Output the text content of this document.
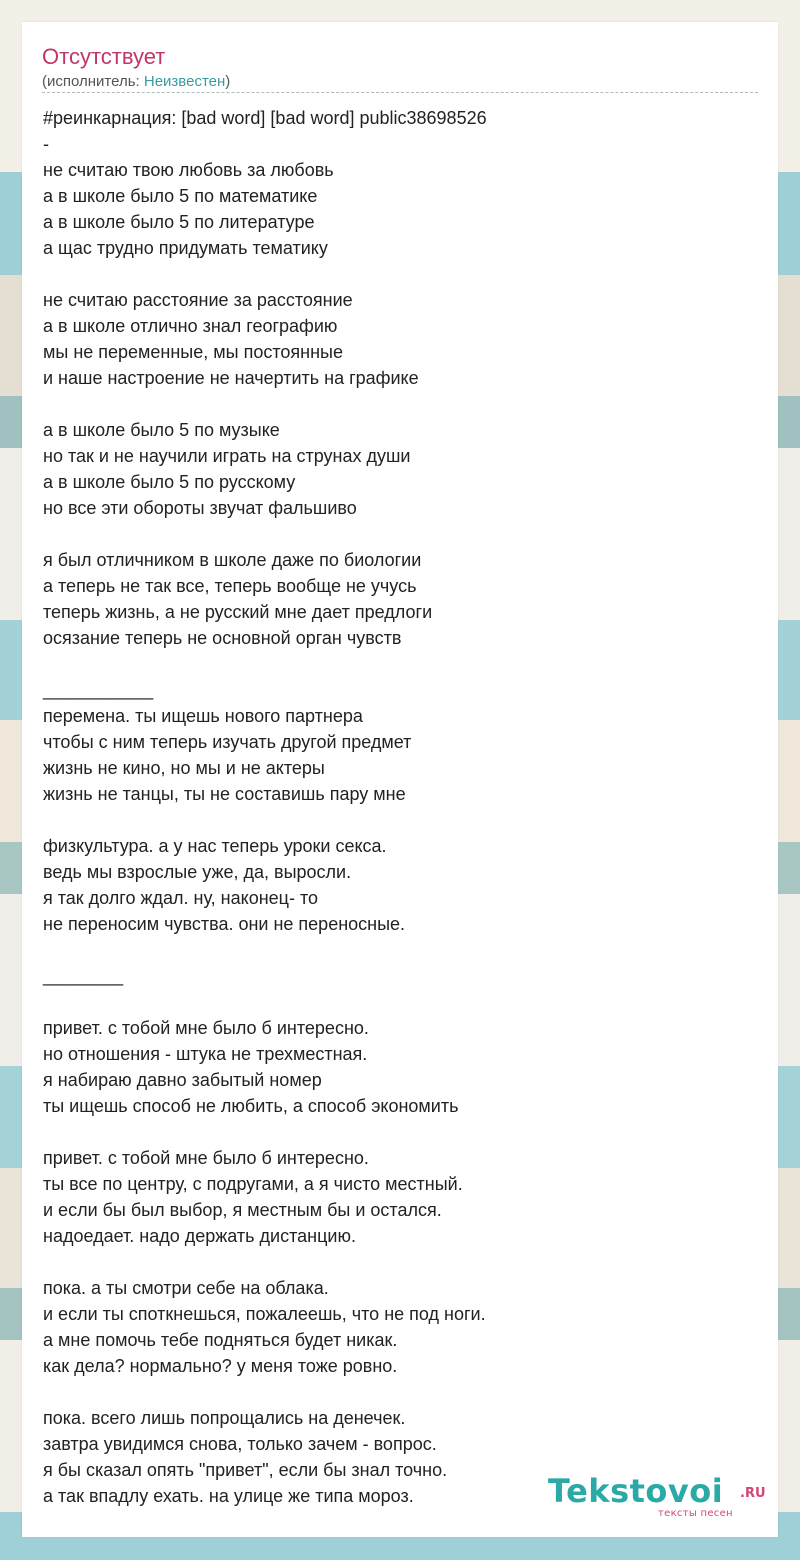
Отсутствует
(исполнитель: Неизвестен)
#реинкарнация: [bad word] [bad word] public38698526
-
не считаю твою любовь за любовь
а в школе было 5 по математике
а в школе было 5 по литературе
а щас трудно придумать тематику
не считаю расстояние за расстояние
а в школе отлично знал географию
мы не переменные, мы постоянные
и наше настроение не начертить на графике
а в школе было 5 по музыке
но так и не научили играть на струнах души
а в школе было 5 по русскому
но все эти обороты звучат фальшиво
я был отличником в школе даже по биологии
а теперь не так все, теперь вообще не учусь
теперь жизнь, а не русский мне дает предлоги
осязание теперь не основной орган чувств
___________
перемена. ты ищешь нового партнера
чтобы с ним теперь изучать другой предмет
жизнь не кино, но мы и не актеры
жизнь не танцы, ты не составишь пару мне
физкультура. а у нас теперь уроки секса.
ведь мы взрослые уже, да, выросли.
я так долго ждал. ну, наконец- то
не переносим чувства. они не переносные.
________
привет. с тобой мне было б интересно.
но отношения - штука не трехместная.
я набираю давно забытый номер
ты ищешь способ не любить, а способ экономить
привет. с тобой мне было б интересно.
ты все по центру, с подругами, а я чисто местный.
и если бы был выбор, я местным бы и остался.
надоедает. надо держать дистанцию.
пока. а ты смотри себе на облака.
и если ты споткнешься, пожалеешь, что не под ноги.
а мне помочь тебе подняться будет никак.
как дела? нормально? у меня тоже ровно.
пока. всего лишь попрощались на денечек.
завтра увидимся снова, только зачем - вопрос.
я бы сказал опять "привет", если бы знал точно.
а так впадлу ехать. на улице же типа мороз.	Tekstovoi .RU
тексты песен
